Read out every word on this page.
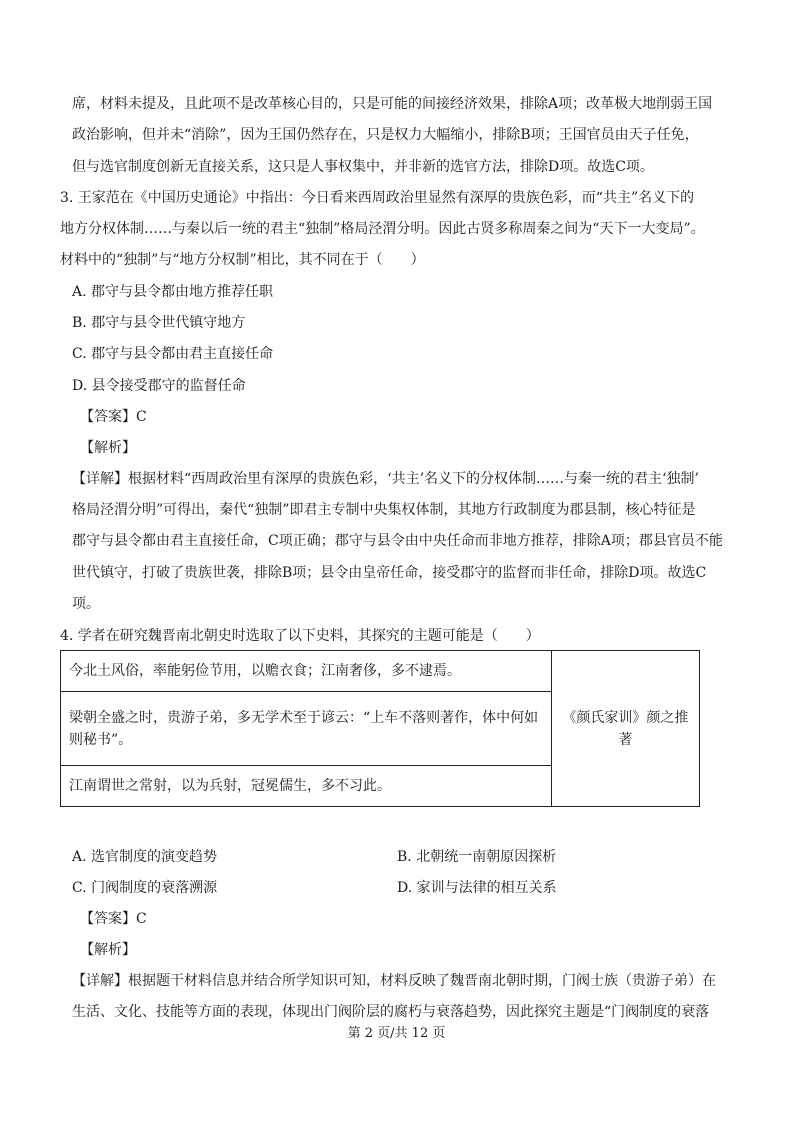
席，材料未提及，且此项不是改革核心目的，只是可能的间接经济效果，排除A项；改革极大地削弱王国
政治影响，但并未“消除”，因为王国仍然存在，只是权力大幅缩小，排除B项；王国官员由天子任免，
但与选官制度创新无直接关系，这只是人事权集中，并非新的选官方法，排除D项。故选C项。
3. 王家范在《中国历史通论》中指出：今日看来西周政治里显然有深厚的贵族色彩，而“共主”名义下的
地方分权体制……与秦以后一统的君主“独制”格局泾渭分明。因此古贤多称周秦之间为“天下一大变局”。
材料中的“独制”与“地方分权制”相比，其不同在于（　　）
A. 郡守与县令都由地方推荐任职
B. 郡守与县令世代镇守地方
C. 郡守与县令都由君主直接任命
D. 县令接受郡守的监督任命
【答案】C
【解析】
【详解】根据材料“西周政治里有深厚的贵族色彩，‘共主’名义下的分权体制……与秦一统的君主‘独制’
格局泾渭分明”可得出，秦代“独制”即君主专制中央集权体制，其地方行政制度为郡县制，核心特征是
郡守与县令都由君主直接任命，C项正确；郡守与县令由中央任命而非地方推荐，排除A项；郡县官员不能
世代镇守，打破了贵族世袭，排除B项；县令由皇帝任命，接受郡守的监督而非任命，排除D项。故选C
项。
4. 学者在研究魏晋南北朝史时选取了以下史料，其探究的主题可能是（　　）
今北土风俗，率能躬俭节用，以赡衣食；江南奢侈，多不逮焉。	《颜氏家训》颜之推著
梁朝全盛之时，贵游子弟，多无学术至于谚云：“上车不落则著作，体中何如则秘书”。
江南谓世之常射，以为兵射，冠冕儒生，多不习此。
A. 选官制度的演变趋势	B. 北朝统一南朝原因探析
C. 门阀制度的衰落溯源	D. 家训与法律的相互关系
【答案】C
【解析】
【详解】根据题干材料信息并结合所学知识可知，材料反映了魏晋南北朝时期，门阀士族（贵游子弟）在
生活、文化、技能等方面的表现，体现出门阀阶层的腐朽与衰落趋势，因此探究主题是“门阀制度的衰落
第 2 页/共 12 页
